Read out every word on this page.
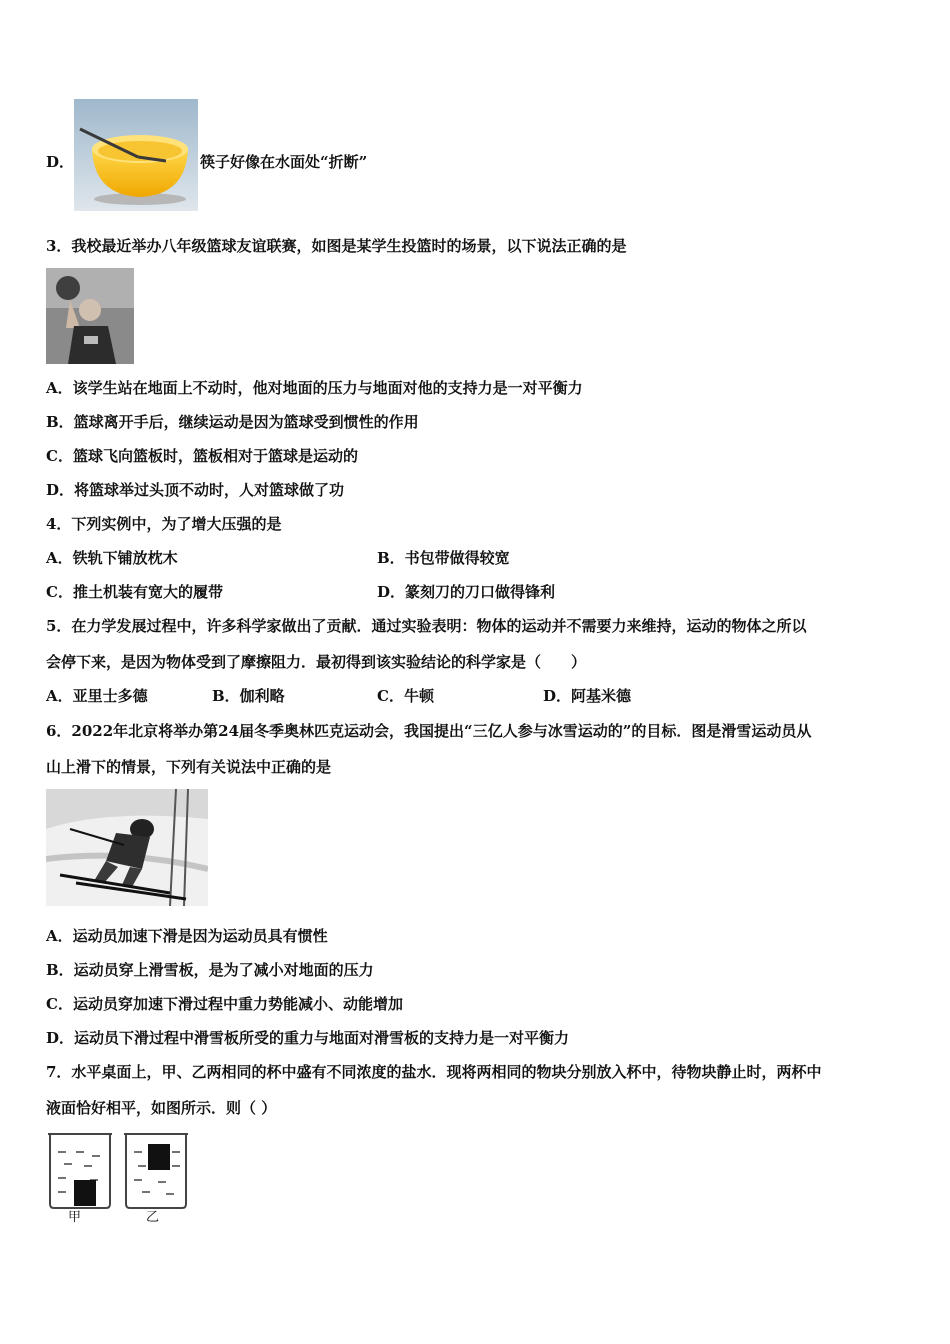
D．	筷子好像在水面处“折断”
3．我校最近举办八年级篮球友谊联赛，如图是某学生投篮时的场景，以下说法正确的是
A．该学生站在地面上不动时，他对地面的压力与地面对他的支持力是一对平衡力
B．篮球离开手后，继续运动是因为篮球受到惯性的作用
C．篮球飞向篮板时，篮板相对于篮球是运动的
D．将篮球举过头顶不动时，人对篮球做了功
4．下列实例中，为了增大压强的是
A．铁轨下铺放枕木	B．书包带做得较宽
C．推土机装有宽大的履带	D．篆刻刀的刀口做得锋利
5．在力学发展过程中，许多科学家做出了贡献．通过实验表明：物体的运动并不需要力来维持，运动的物体之所以
会停下来，是因为物体受到了摩擦阻力．最初得到该实验结论的科学家是（　　）
A．亚里士多德	B．伽利略	C．牛顿	D．阿基米德
6．2022年北京将举办第24届冬季奥林匹克运动会，我国提出“三亿人参与冰雪运动的”的目标．图是滑雪运动员从
山上滑下的情景，下列有关说法中正确的是
A．运动员加速下滑是因为运动员具有惯性
B．运动员穿上滑雪板，是为了减小对地面的压力
C．运动员穿加速下滑过程中重力势能减小、动能增加
D．运动员下滑过程中滑雪板所受的重力与地面对滑雪板的支持力是一对平衡力
7．水平桌面上，甲、乙两相同的杯中盛有不同浓度的盐水．现将两相同的物块分别放入杯中，待物块静止时，两杯中
液面恰好相平，如图所示．则（ ）
甲	乙
